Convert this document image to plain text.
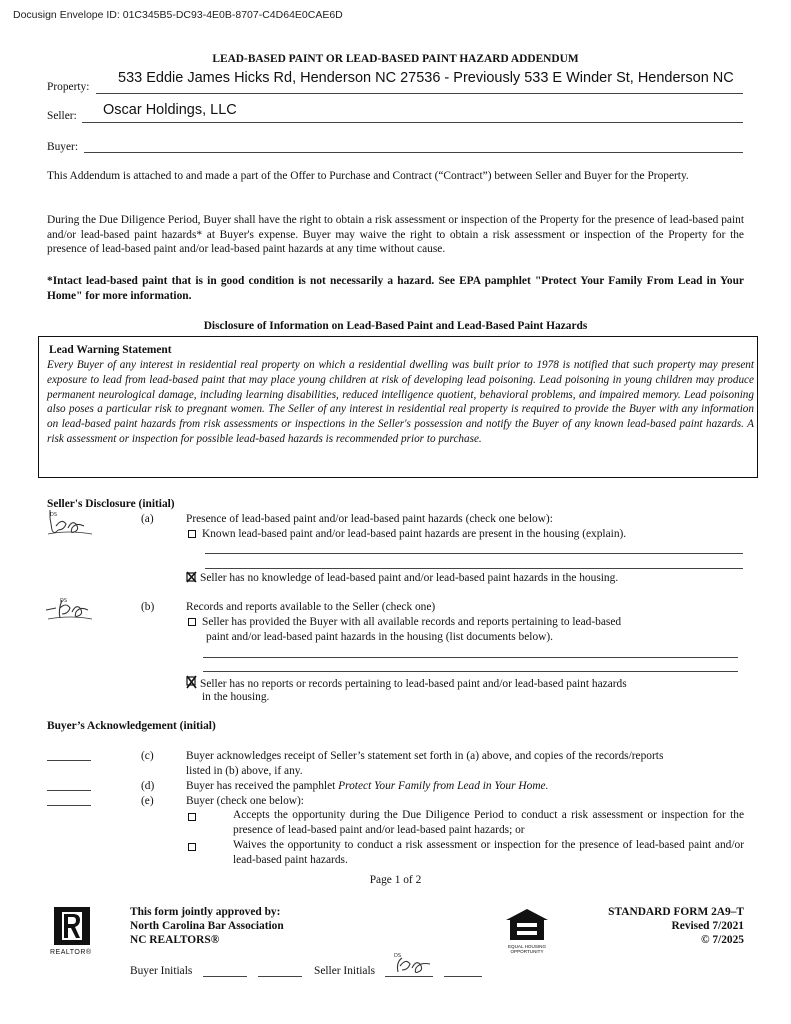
Docusign Envelope ID: 01C345B5-DC93-4E0B-8707-C4D64E0CAE6D
LEAD-BASED PAINT OR LEAD-BASED PAINT HAZARD ADDENDUM
Property:
533 Eddie James Hicks Rd, Henderson NC 27536 - Previously 533 E Winder St, Henderson NC
Seller: Oscar Holdings, LLC
Buyer:
This Addendum is attached to and made a part of the Offer to Purchase and Contract (“Contract”) between Seller and Buyer for the Property.
During the Due Diligence Period, Buyer shall have the right to obtain a risk assessment or inspection of the Property for the presence of lead-based paint and/or lead-based paint hazards* at Buyer's expense. Buyer may waive the right to obtain a risk assessment or inspection of the Property for the presence of lead-based paint and/or lead-based paint hazards at any time without cause.
*Intact lead-based paint that is in good condition is not necessarily a hazard. See EPA pamphlet "Protect Your Family From Lead in Your Home" for more information.
Disclosure of Information on Lead-Based Paint and Lead-Based Paint Hazards
Lead Warning Statement
Every Buyer of any interest in residential real property on which a residential dwelling was built prior to 1978 is notified that such property may present exposure to lead from lead-based paint that may place young children at risk of developing lead poisoning. Lead poisoning in young children may produce permanent neurological damage, including learning disabilities, reduced intelligence quotient, behavioral problems, and impaired memory. Lead poisoning also poses a particular risk to pregnant women. The Seller of any interest in residential real property is required to provide the Buyer with any information on lead-based paint hazards from risk assessments or inspections in the Seller's possession and notify the Buyer of any known lead-based paint hazards. A risk assessment or inspection for possible lead-based hazards is recommended prior to purchase.
Seller's Disclosure (initial)
DS	(a)	Presence of lead-based paint and/or lead-based paint hazards (check one below):
Known lead-based paint and/or lead-based paint hazards are present in the housing (explain).
Seller has no knowledge of lead-based paint and/or lead-based paint hazards in the housing.
DS	(b)	Records and reports available to the Seller (check one)
Seller has provided the Buyer with all available records and reports pertaining to lead-based
paint and/or lead-based paint hazards in the housing (list documents below).
Seller has no reports or records pertaining to lead-based paint and/or lead-based paint hazards
in the housing.
Buyer’s Acknowledgement (initial)
(c)	Buyer acknowledges receipt of Seller’s statement set forth in (a) above, and copies of the records/reports
listed in (b) above, if any.
(d)	Buyer has received the pamphlet Protect Your Family from Lead in Your Home.
(e)	Buyer (check one below):
Accepts the opportunity during the Due Diligence Period to conduct a risk assessment or inspection for the presence of lead-based paint and/or lead-based paint hazards; or
Waives the opportunity to conduct a risk assessment or inspection for the presence of lead-based paint and/or lead-based paint hazards.
Page 1 of 2
REALTOR®
This form jointly approved by:
North Carolina Bar Association
NC REALTORS®
EQUAL HOUSING
OPPORTUNITY
STANDARD FORM 2A9–T
Revised 7/2021
© 7/2025
Buyer Initials	Seller Initials
DS
